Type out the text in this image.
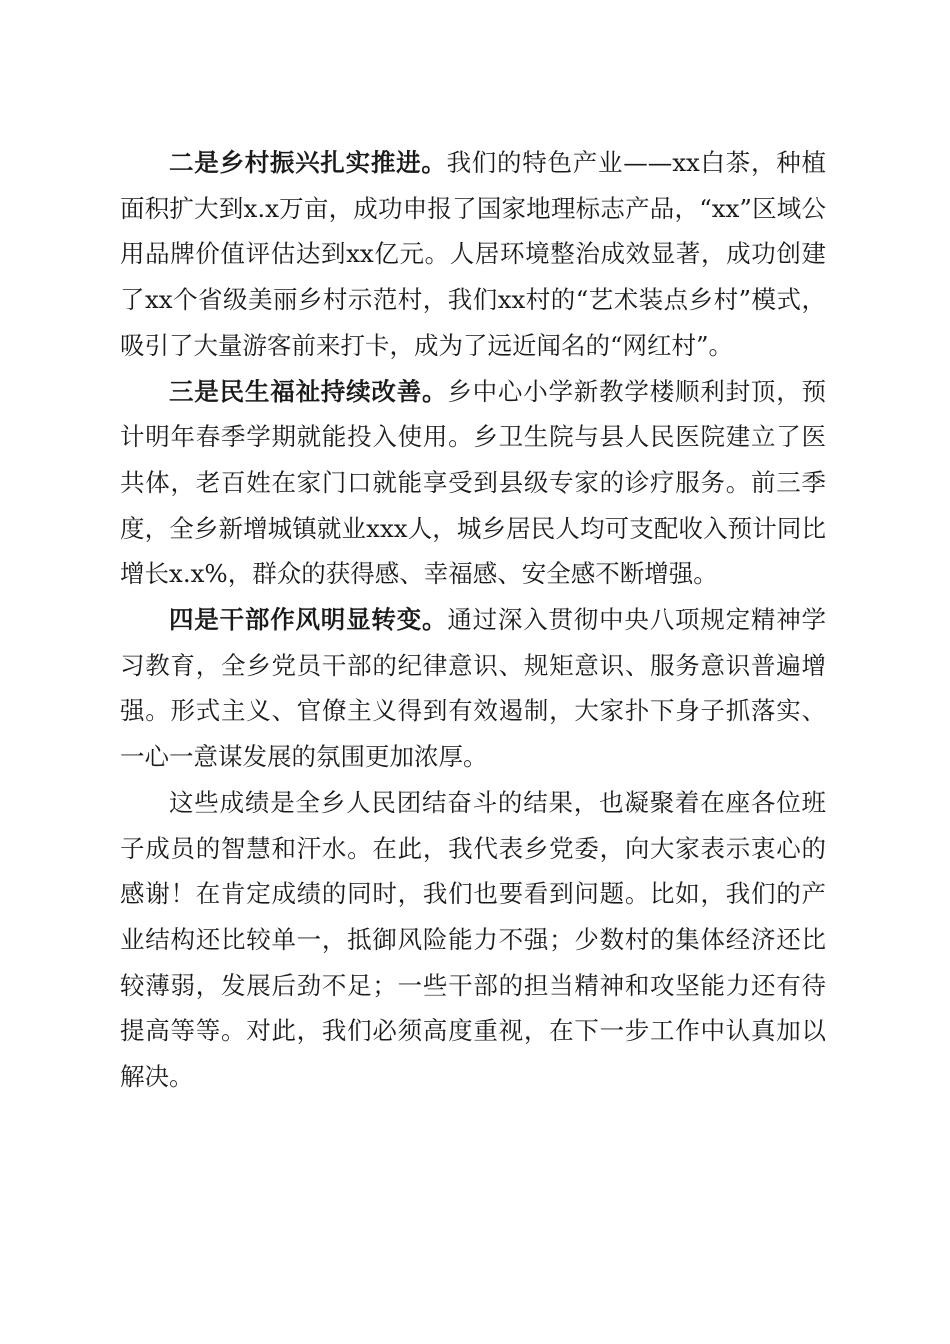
二是乡村振兴扎实推进。我们的特色产业——xx白茶，种植面积扩大到x.x万亩，成功申报了国家地理标志产品，“xx”区域公用品牌价值评估达到xx亿元。人居环境整治成效显著，成功创建了xx个省级美丽乡村示范村，我们xx村的“艺术装点乡村”模式，吸引了大量游客前来打卡，成为了远近闻名的“网红村”。

三是民生福祉持续改善。乡中心小学新教学楼顺利封顶，预计明年春季学期就能投入使用。乡卫生院与县人民医院建立了医共体，老百姓在家门口就能享受到县级专家的诊疗服务。前三季度，全乡新增城镇就业xxx人，城乡居民人均可支配收入预计同比增长x.x%，群众的获得感、幸福感、安全感不断增强。

四是干部作风明显转变。通过深入贯彻中央八项规定精神学习教育，全乡党员干部的纪律意识、规矩意识、服务意识普遍增强。形式主义、官僚主义得到有效遏制，大家扑下身子抓落实、一心一意谋发展的氛围更加浓厚。

这些成绩是全乡人民团结奋斗的结果，也凝聚着在座各位班子成员的智慧和汗水。在此，我代表乡党委，向大家表示衷心的感谢！在肯定成绩的同时，我们也要看到问题。比如，我们的产业结构还比较单一，抵御风险能力不强；少数村的集体经济还比较薄弱，发展后劲不足；一些干部的担当精神和攻坚能力还有待提高等等。对此，我们必须高度重视，在下一步工作中认真加以解决。
